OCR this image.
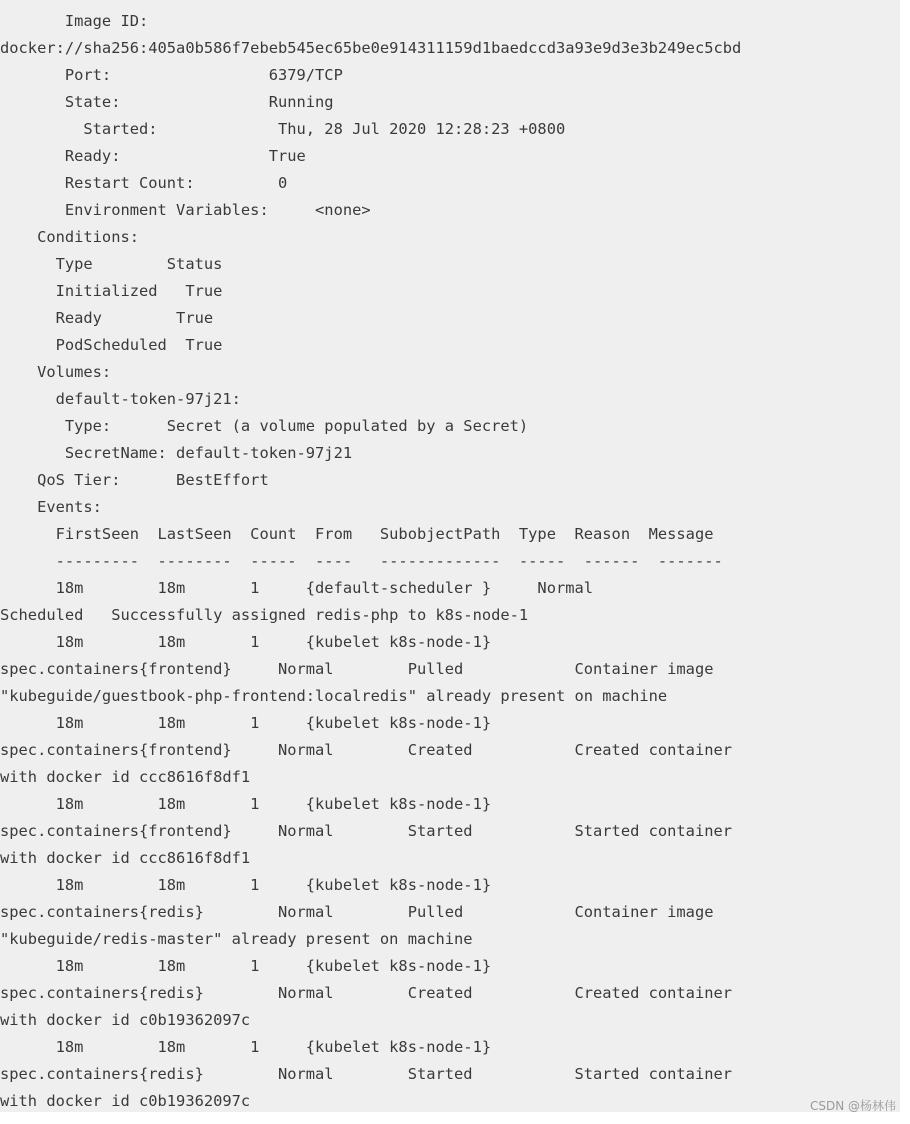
Image ID:
docker://sha256:405a0b586f7ebeb545ec65be0e914311159d1baedccd3a93e9d3e3b249ec5cbd
Port:                 6379/TCP
State:                Running
Started:             Thu, 28 Jul 2020 12:28:23 +0800
Ready:                True
Restart Count:         0
Environment Variables:     <none>
Conditions:
Type        Status
Initialized   True
Ready        True
PodScheduled  True
Volumes:
default-token-97j21:
Type:      Secret (a volume populated by a Secret)
SecretName: default-token-97j21
QoS Tier:      BestEffort
Events:
FirstSeen  LastSeen  Count  From   SubobjectPath  Type  Reason  Message
---------  --------  -----  ----   -------------  -----  ------  -------
18m        18m       1     {default-scheduler }     Normal
Scheduled   Successfully assigned redis-php to k8s-node-1
18m        18m       1     {kubelet k8s-node-1}
spec.containers{frontend}     Normal        Pulled            Container image
"kubeguide/guestbook-php-frontend:localredis" already present on machine
18m        18m       1     {kubelet k8s-node-1}
spec.containers{frontend}     Normal        Created           Created container
with docker id ccc8616f8df1
18m        18m       1     {kubelet k8s-node-1}
spec.containers{frontend}     Normal        Started           Started container
with docker id ccc8616f8df1
18m        18m       1     {kubelet k8s-node-1}
spec.containers{redis}        Normal        Pulled            Container image
"kubeguide/redis-master" already present on machine
18m        18m       1     {kubelet k8s-node-1}
spec.containers{redis}        Normal        Created           Created container
with docker id c0b19362097c
18m        18m       1     {kubelet k8s-node-1}
spec.containers{redis}        Normal        Started           Started container
with docker id c0b19362097c	CSDN @杨林伟
